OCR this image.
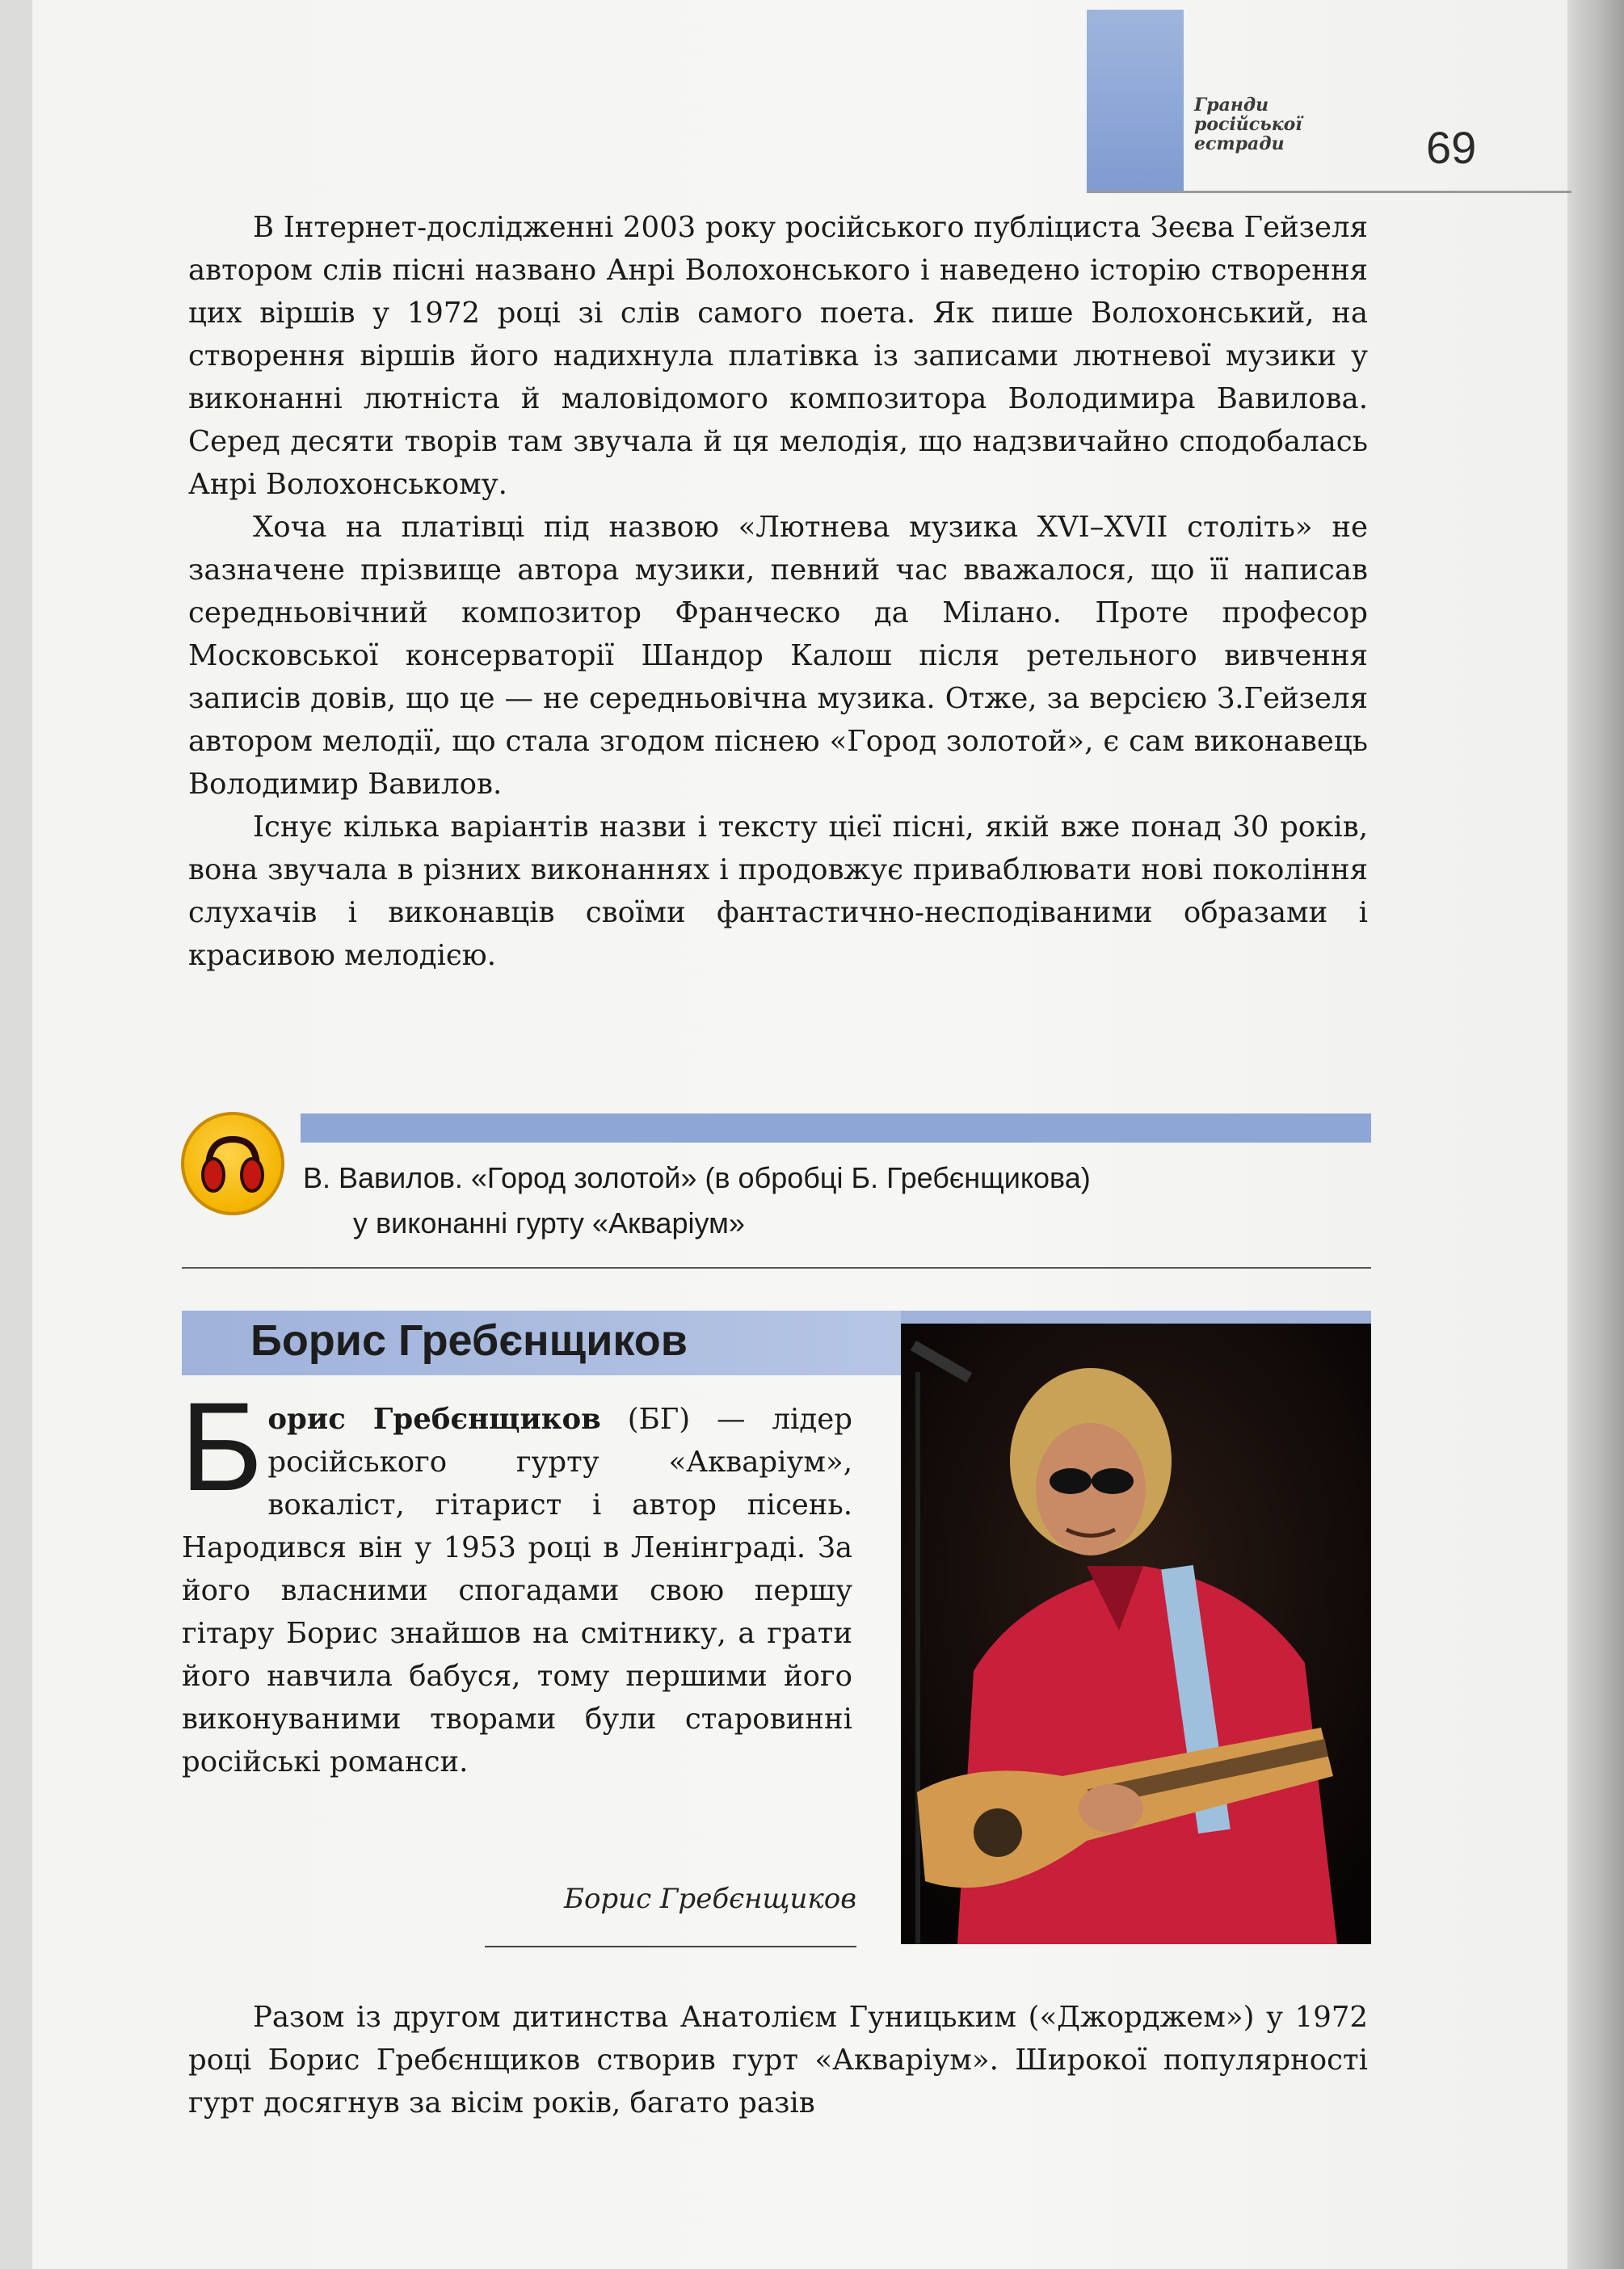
Гранди російської естради	69

В Інтернет-дослідженні 2003 року російського публіциста Зеєва Гейзеля автором слів пісні названо Анрі Волохонського і наведено історію створення цих віршів у 1972 році зі слів самого поета. Як пише Волохонський, на створення віршів його надихнула платівка із записами лютневої музики у виконанні лютніста й маловідомого композитора Володимира Вавилова. Серед десяти творів там звучала й ця мелодія, що надзвичайно сподобалась Анрі Волохонському.

Хоча на платівці під назвою «Лютнева музика XVI–XVII століть» не зазначене прізвище автора музики, певний час вважалося, що її написав середньовічний композитор Франческо да Мілано. Проте професор Московської консерваторії Шандор Калош після ретельного вивчення записів довів, що це — не середньовічна музика. Отже, за версією З.Гейзеля автором мелодії, що стала згодом піснею «Город золотой», є сам виконавець Володимир Вавилов.

Існує кілька варіантів назви і тексту цієї пісні, якій вже понад 30 років, вона звучала в різних виконаннях і продовжує приваблювати нові покоління слухачів і виконавців своїми фантастично-несподіваними образами і красивою мелодією.

В. Вавилов. «Город золотой» (в обробці Б. Гребєнщикова)
у виконанні гурту «Акваріум»
Борис Гребєнщиков
Борис Гребєнщиков (БГ) — лідер російського гурту «Акваріум», вокаліст, гітарист і автор пісень. Народився він у 1953 році в Ленінграді. За його власними спогадами свою першу гітару Борис знайшов на смітнику, а грати його навчила бабуся, тому першими його виконуваними творами були старовинні російські романси.
Борис Гребєнщиков

Разом із другом дитинства Анатолієм Гуницьким («Джорджем») у 1972 році Борис Гребєнщиков створив гурт «Акваріум». Широкої популярності гурт досягнув за вісім років, багато разів
